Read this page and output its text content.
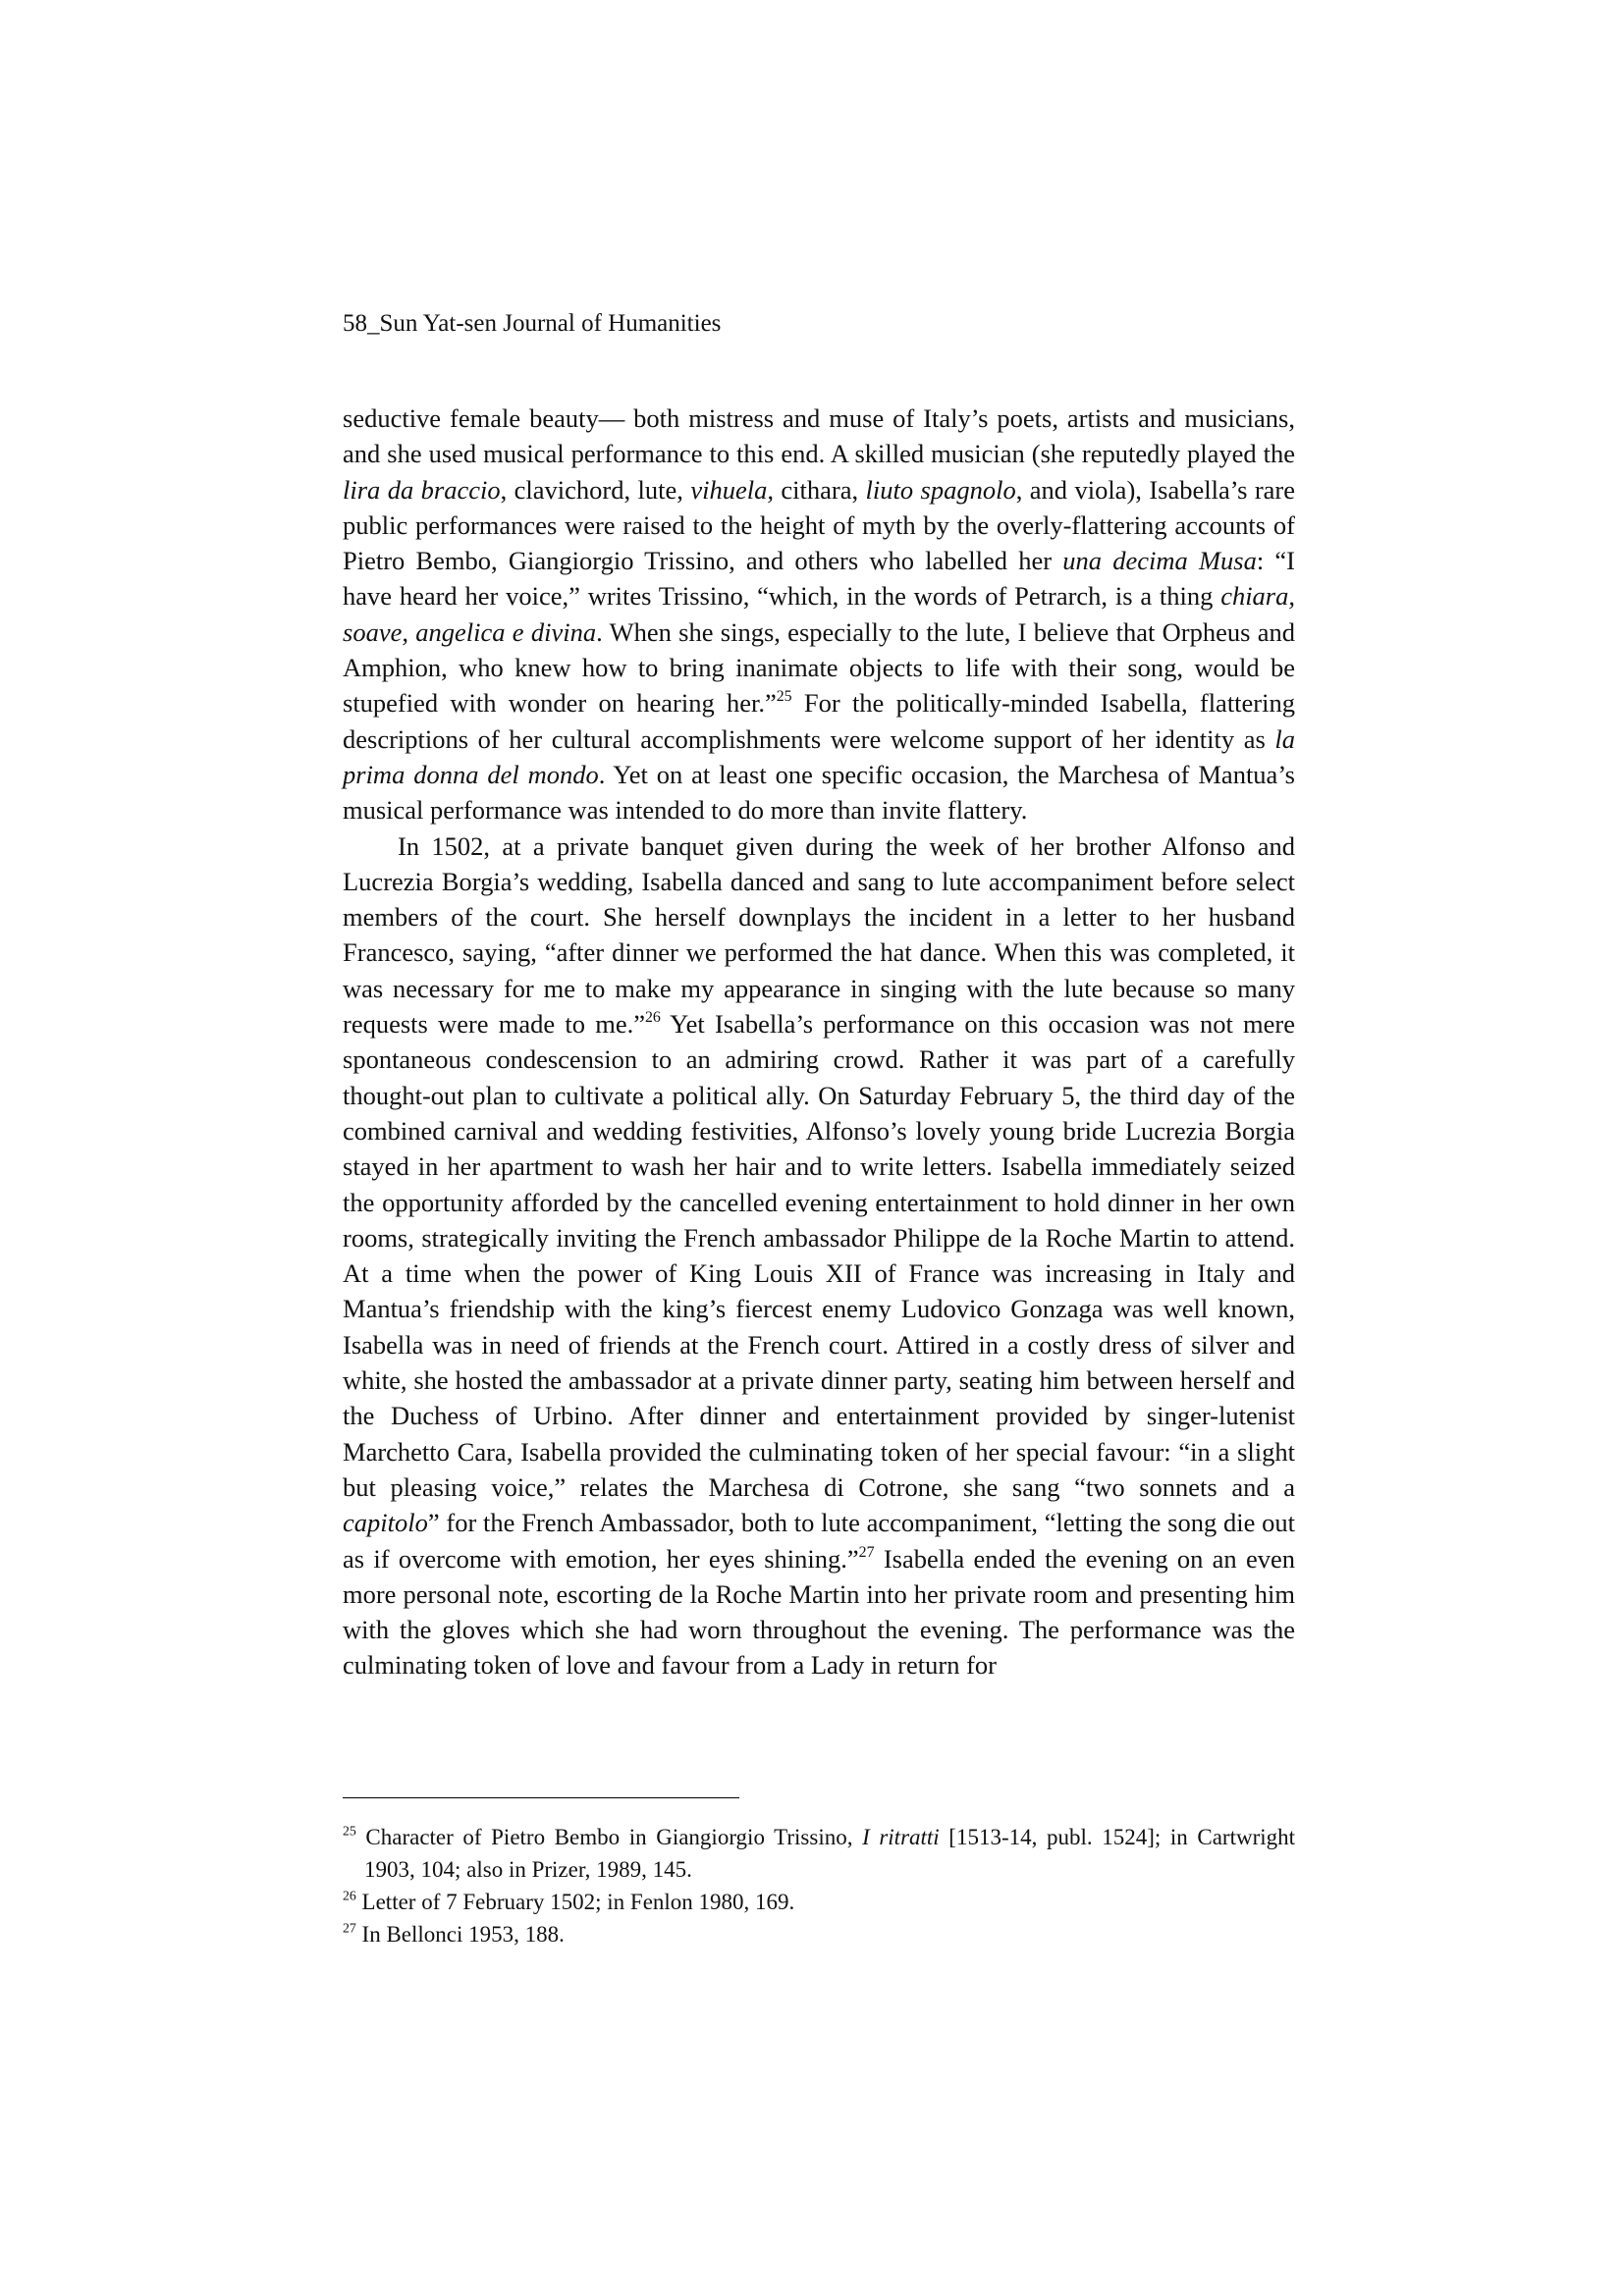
58_Sun Yat-sen Journal of Humanities

seductive female beauty— both mistress and muse of Italy’s poets, artists and musicians, and she used musical performance to this end. A skilled musician (she reputedly played the lira da braccio, clavichord, lute, vihuela, cithara, liuto spagnolo, and viola), Isabella’s rare public performances were raised to the height of myth by the overly-flattering accounts of Pietro Bembo, Giangiorgio Trissino, and others who labelled her una decima Musa: “I have heard her voice,” writes Trissino, “which, in the words of Petrarch, is a thing chiara, soave, angelica e divina. When she sings, especially to the lute, I believe that Orpheus and Amphion, who knew how to bring inanimate objects to life with their song, would be stupefied with wonder on hearing her.”$^{25}$ For the politically-minded Isabella, flattering descriptions of her cultural accomplishments were welcome support of her identity as la prima donna del mondo. Yet on at least one specific occasion, the Marchesa of Mantua’s musical performance was intended to do more than invite flattery.

In 1502, at a private banquet given during the week of her brother Alfonso and Lucrezia Borgia’s wedding, Isabella danced and sang to lute accompaniment before select members of the court. She herself downplays the incident in a letter to her husband Francesco, saying, “after dinner we performed the hat dance. When this was completed, it was necessary for me to make my appearance in singing with the lute because so many requests were made to me.”$^{26}$ Yet Isabella’s performance on this occasion was not mere spontaneous condescension to an admiring crowd. Rather it was part of a carefully thought-out plan to cultivate a political ally. On Saturday February 5, the third day of the combined carnival and wedding festivities, Alfonso’s lovely young bride Lucrezia Borgia stayed in her apartment to wash her hair and to write letters. Isabella immediately seized the opportunity afforded by the cancelled evening entertainment to hold dinner in her own rooms, strategically inviting the French ambassador Philippe de la Roche Martin to attend. At a time when the power of King Louis XII of France was increasing in Italy and Mantua’s friendship with the king’s fiercest enemy Ludovico Gonzaga was well known, Isabella was in need of friends at the French court. Attired in a costly dress of silver and white, she hosted the ambassador at a private dinner party, seating him between herself and the Duchess of Urbino. After dinner and entertainment provided by singer-lutenist Marchetto Cara, Isabella provided the culminating token of her special favour: “in a slight but pleasing voice,” relates the Marchesa di Cotrone, she sang “two sonnets and a capitolo” for the French Ambassador, both to lute accompaniment, “letting the song die out as if overcome with emotion, her eyes shining.”$^{27}$ Isabella ended the evening on an even more personal note, escorting de la Roche Martin into her private room and presenting him with the gloves which she had worn throughout the evening. The performance was the culminating token of love and favour from a Lady in return for

$^{25}$ Character of Pietro Bembo in Giangiorgio Trissino, I ritratti [1513-14, publ. 1524]; in Cartwright 1903, 104; also in Prizer, 1989, 145.
$^{26}$ Letter of 7 February 1502; in Fenlon 1980, 169.
$^{27}$ In Bellonci 1953, 188.
